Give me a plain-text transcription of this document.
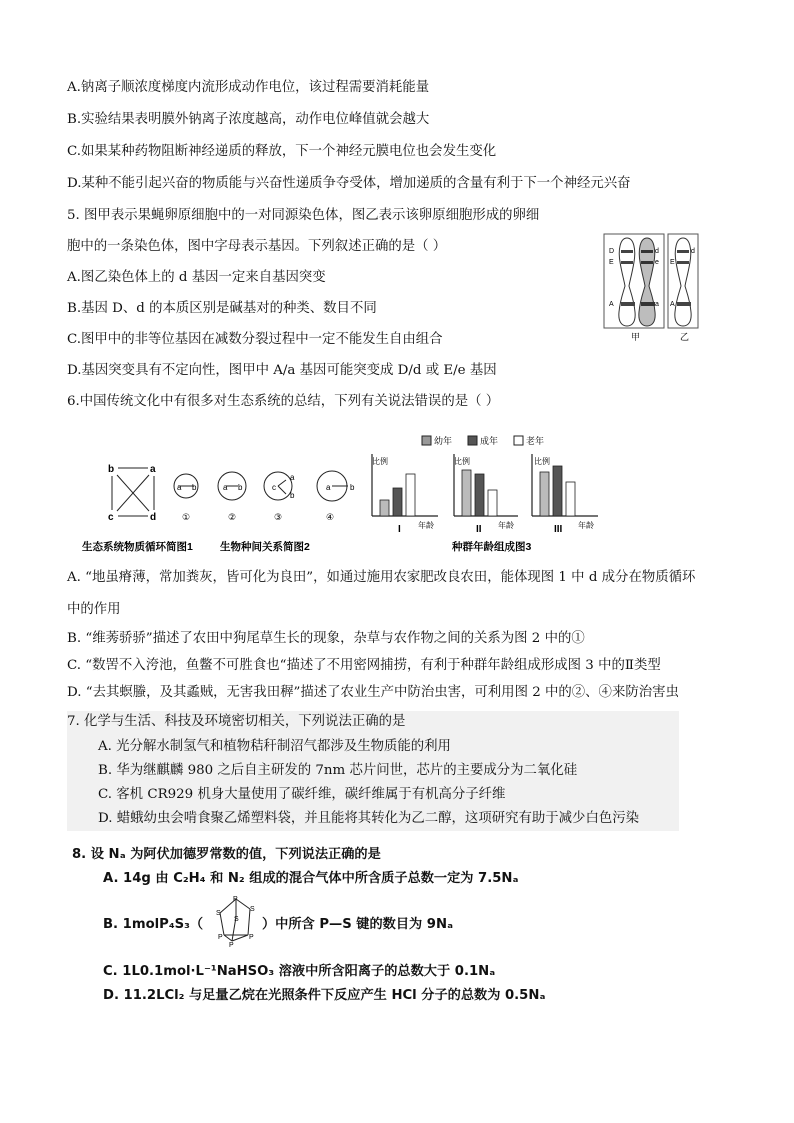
A.钠离子顺浓度梯度内流形成动作电位，该过程需要消耗能量
B.实验结果表明膜外钠离子浓度越高，动作电位峰值就会越大
C.如果某种药物阻断神经递质的释放，下一个神经元膜电位也会发生变化
D.某种不能引起兴奋的物质能与兴奋性递质争夺受体，增加递质的含量有利于下一个神经元兴奋
5. 图甲表示果蝇卵原细胞中的一对同源染色体，图乙表示该卵原细胞形成的卵细
胞中的一条染色体，图中字母表示基因。下列叙述正确的是（ ）
A.图乙染色体上的 d 基因一定来自基因突变
B.基因 D、d 的本质区别是碱基对的种类、数目不同
C.图甲中的非等位基因在减数分裂过程中一定不能发生自由组合
D.基因突变具有不定向性，图甲中 A/a 基因可能突变成 D/d 或 E/e 基因
D
E
A
d
e
a
d
E
A
甲	乙
6.中国传统文化中有很多对生态系统的总结，下列有关说法错误的是（ ）
b	a
c	d
a b	a b	c
a
b
a b
①	②	③	④
幼年	成年	老年
比例	比例	比例
年龄	年龄	年龄
I	II	III
生态系统物质循环简图1	生物种间关系简图2	种群年龄组成图3
A. “地虽瘠薄，常加粪灰，皆可化为良田”，如通过施用农家肥改良农田，能体现图 1 中 d 成分在物质循环
中的作用
B. “维莠骄骄”描述了农田中狗尾草生长的现象，杂草与农作物之间的关系为图 2 中的①
C. “数罟不入洿池，鱼鳖不可胜食也“描述了不用密网捕捞，有利于种群年龄组成形成图 3 中的Ⅱ类型
D. “去其螟螣，及其蟊贼，无害我田稺”描述了农业生产中防治虫害，可利用图 2 中的②、④来防治害虫
7. 化学与生活、科技及环境密切相关，下列说法正确的是
A. 光分解水制氢气和植物秸秆制沼气都涉及生物质能的利用
B. 华为继麒麟 980 之后自主研发的 7nm 芯片问世，芯片的主要成分为二氧化硅
C. 客机 CR929 机身大量使用了碳纤维，碳纤维属于有机高分子纤维
D. 蜡蛾幼虫会啃食聚乙烯塑料袋，并且能将其转化为乙二醇，这项研究有助于减少白色污染
8. 设 Nₐ 为阿伏加德罗常数的值，下列说法正确的是
A. 14g 由 C₂H₄ 和 N₂ 组成的混合气体中所含质子总数一定为 7.5Nₐ
B. 1molP₄S₃（
P
S
S
S
P	P
P
）中所含 P—S 键的数目为 9Nₐ
C. 1L0.1mol·L⁻¹NaHSO₃ 溶液中所含阳离子的总数大于 0.1Nₐ
D. 11.2LCl₂ 与足量乙烷在光照条件下反应产生 HCl 分子的总数为 0.5Nₐ
